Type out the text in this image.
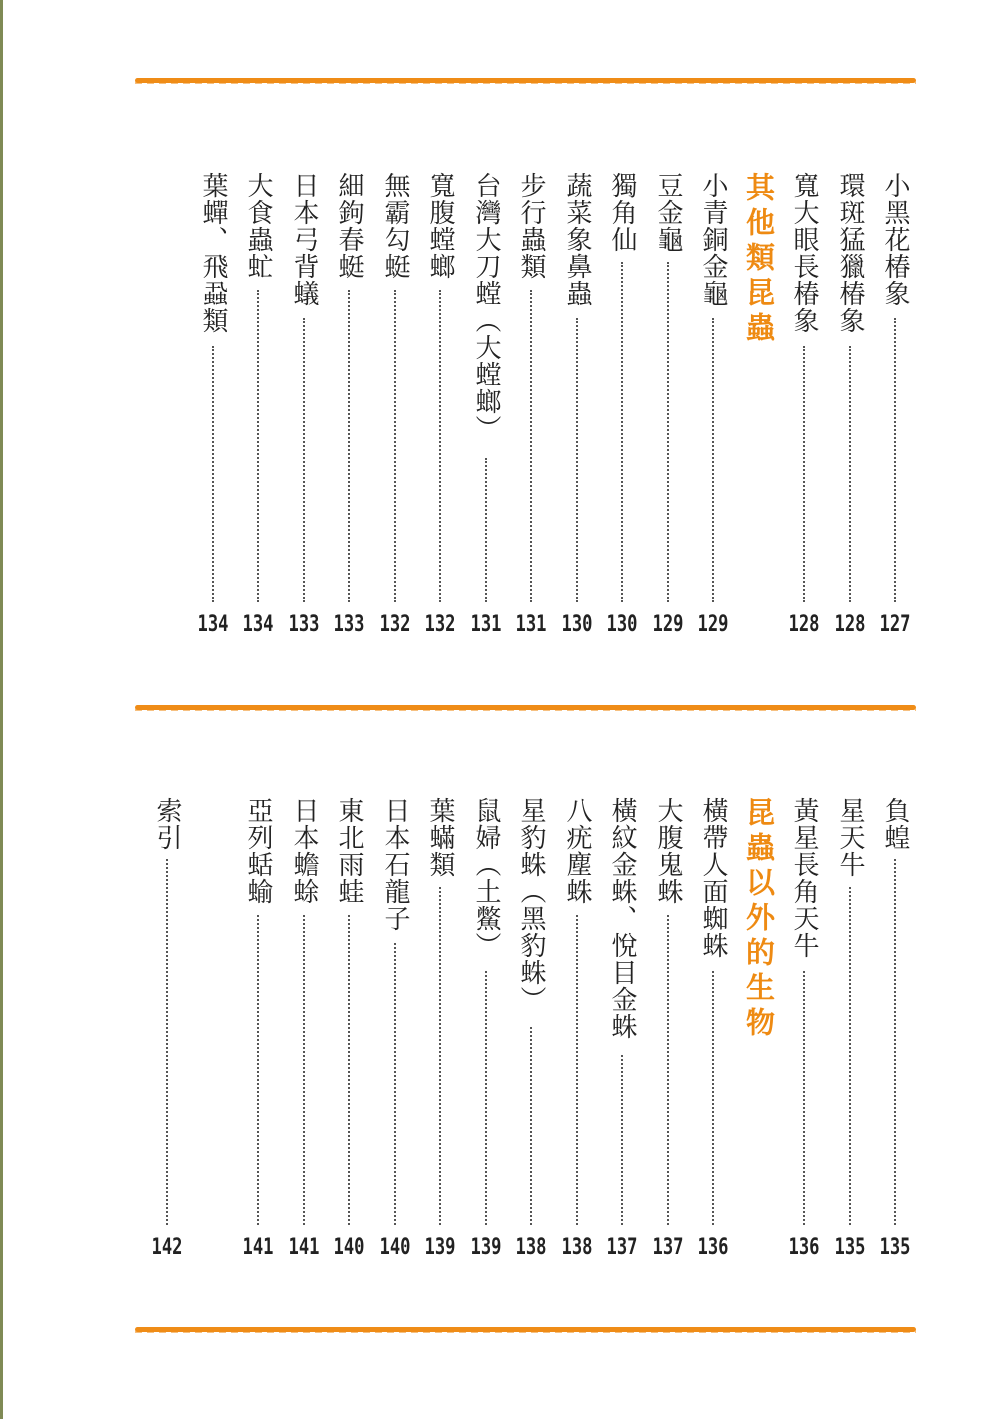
小黑花椿象
127
環斑猛獵椿象
128
寬大眼長椿象
128
其他類昆蟲
小青銅金龜
129
豆金龜
129
獨角仙
130
蔬菜象鼻蟲
130
步行蟲類
131
台灣大刀螳（大螳螂）
131
寬腹螳螂
132
無霸勾蜓
132
細鉤春蜓
133
日本弓背蟻
133
大食蟲虻
134
葉蟬、飛蝨類
134
負蝗
135
星天牛
135
黃星長角天牛
136
昆蟲以外的生物
橫帶人面蜘蛛
136
大腹鬼蛛
137
橫紋金蛛、悅目金蛛
137
八疣塵蛛
138
星豹蛛（黑豹蛛）
138
鼠婦（土鱉）
139
葉蟎類
139
日本石龍子
140
東北雨蛙
140
日本蟾蜍
141
亞列蛞蝓
141
索引
142
